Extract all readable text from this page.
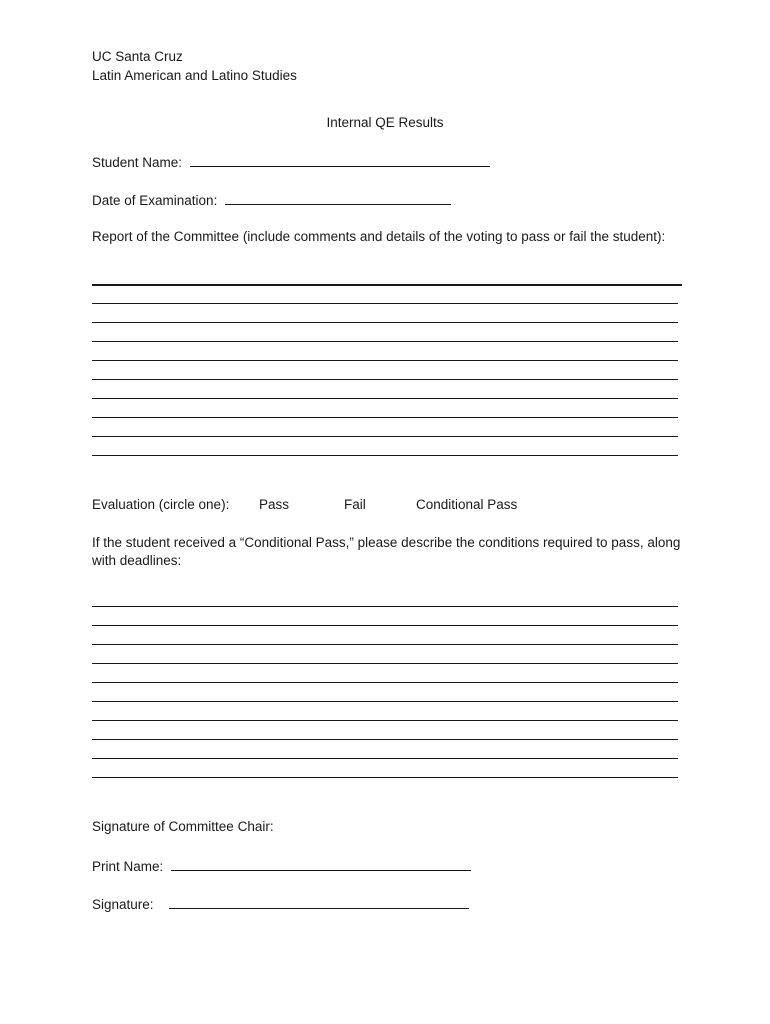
UC Santa Cruz
Latin American and Latino Studies
Internal QE Results
Student Name:
Date of Examination:
Report of the Committee (include comments and details of the voting to pass or fail the student):
Evaluation (circle one): Pass	Fail	Conditional Pass
If the student received a “Conditional Pass,” please describe the conditions required to pass, along with deadlines:
Signature of Committee Chair:
Print Name:
Signature:
